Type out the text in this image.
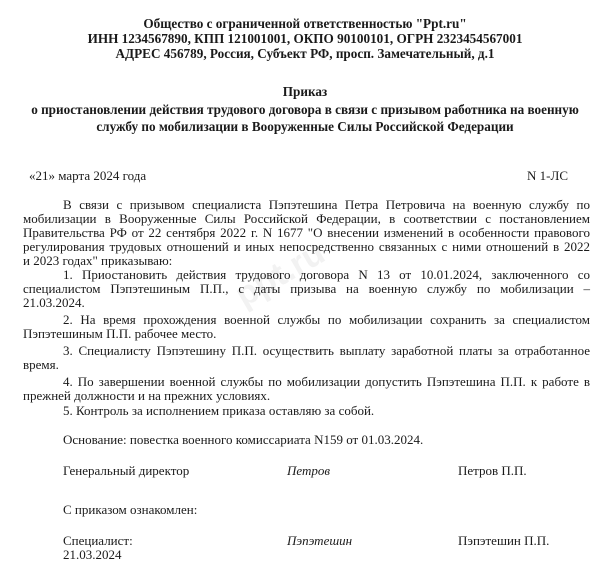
ppt.ru
Общество с ограниченной ответственностью "Ppt.ru"
ИНН 1234567890, КПП 121001001, ОКПО 90100101, ОГРН 2323454567001
АДРЕС 456789, Россия, Субъект РФ, просп. Замечательный, д.1
Приказ
о приостановлении действия трудового договора в связи с призывом работника на военную
службу по мобилизации в Вооруженные Силы Российской Федерации
«21» марта 2024 года	N 1-ЛС
В связи с призывом специалиста Пэпэтешина Петра Петровича на военную службу по
мобилизации в Вооруженные Силы Российской Федерации, в соответствии с постановлением
Правительства РФ от 22 сентября 2022 г. N 1677 "О внесении изменений в особенности правового
регулирования трудовых отношений и иных непосредственно связанных с ними отношений в 2022
и 2023 годах" приказываю:
1. Приостановить действия трудового договора N 13 от 10.01.2024, заключенного со
специалистом Пэпэтешиным П.П., с даты призыва на военную службу по мобилизации –
21.03.2024.
2. На время прохождения военной службы по мобилизации сохранить за специалистом
Пэпэтешиным П.П. рабочее место.
3. Специалисту Пэпэтешину П.П. осуществить выплату заработной платы за отработанное
время.
4. По завершении военной службы по мобилизации допустить Пэпэтешина П.П. к работе в
прежней должности и на прежних условиях.
5. Контроль за исполнением приказа оставляю за собой.
Основание: повестка военного комиссариата N159 от 01.03.2024.
Генеральный директор	Петров	Петров П.П.
С приказом ознакомлен:
Специалист:	Пэпэтешин	Пэпэтешин П.П.
21.03.2024
